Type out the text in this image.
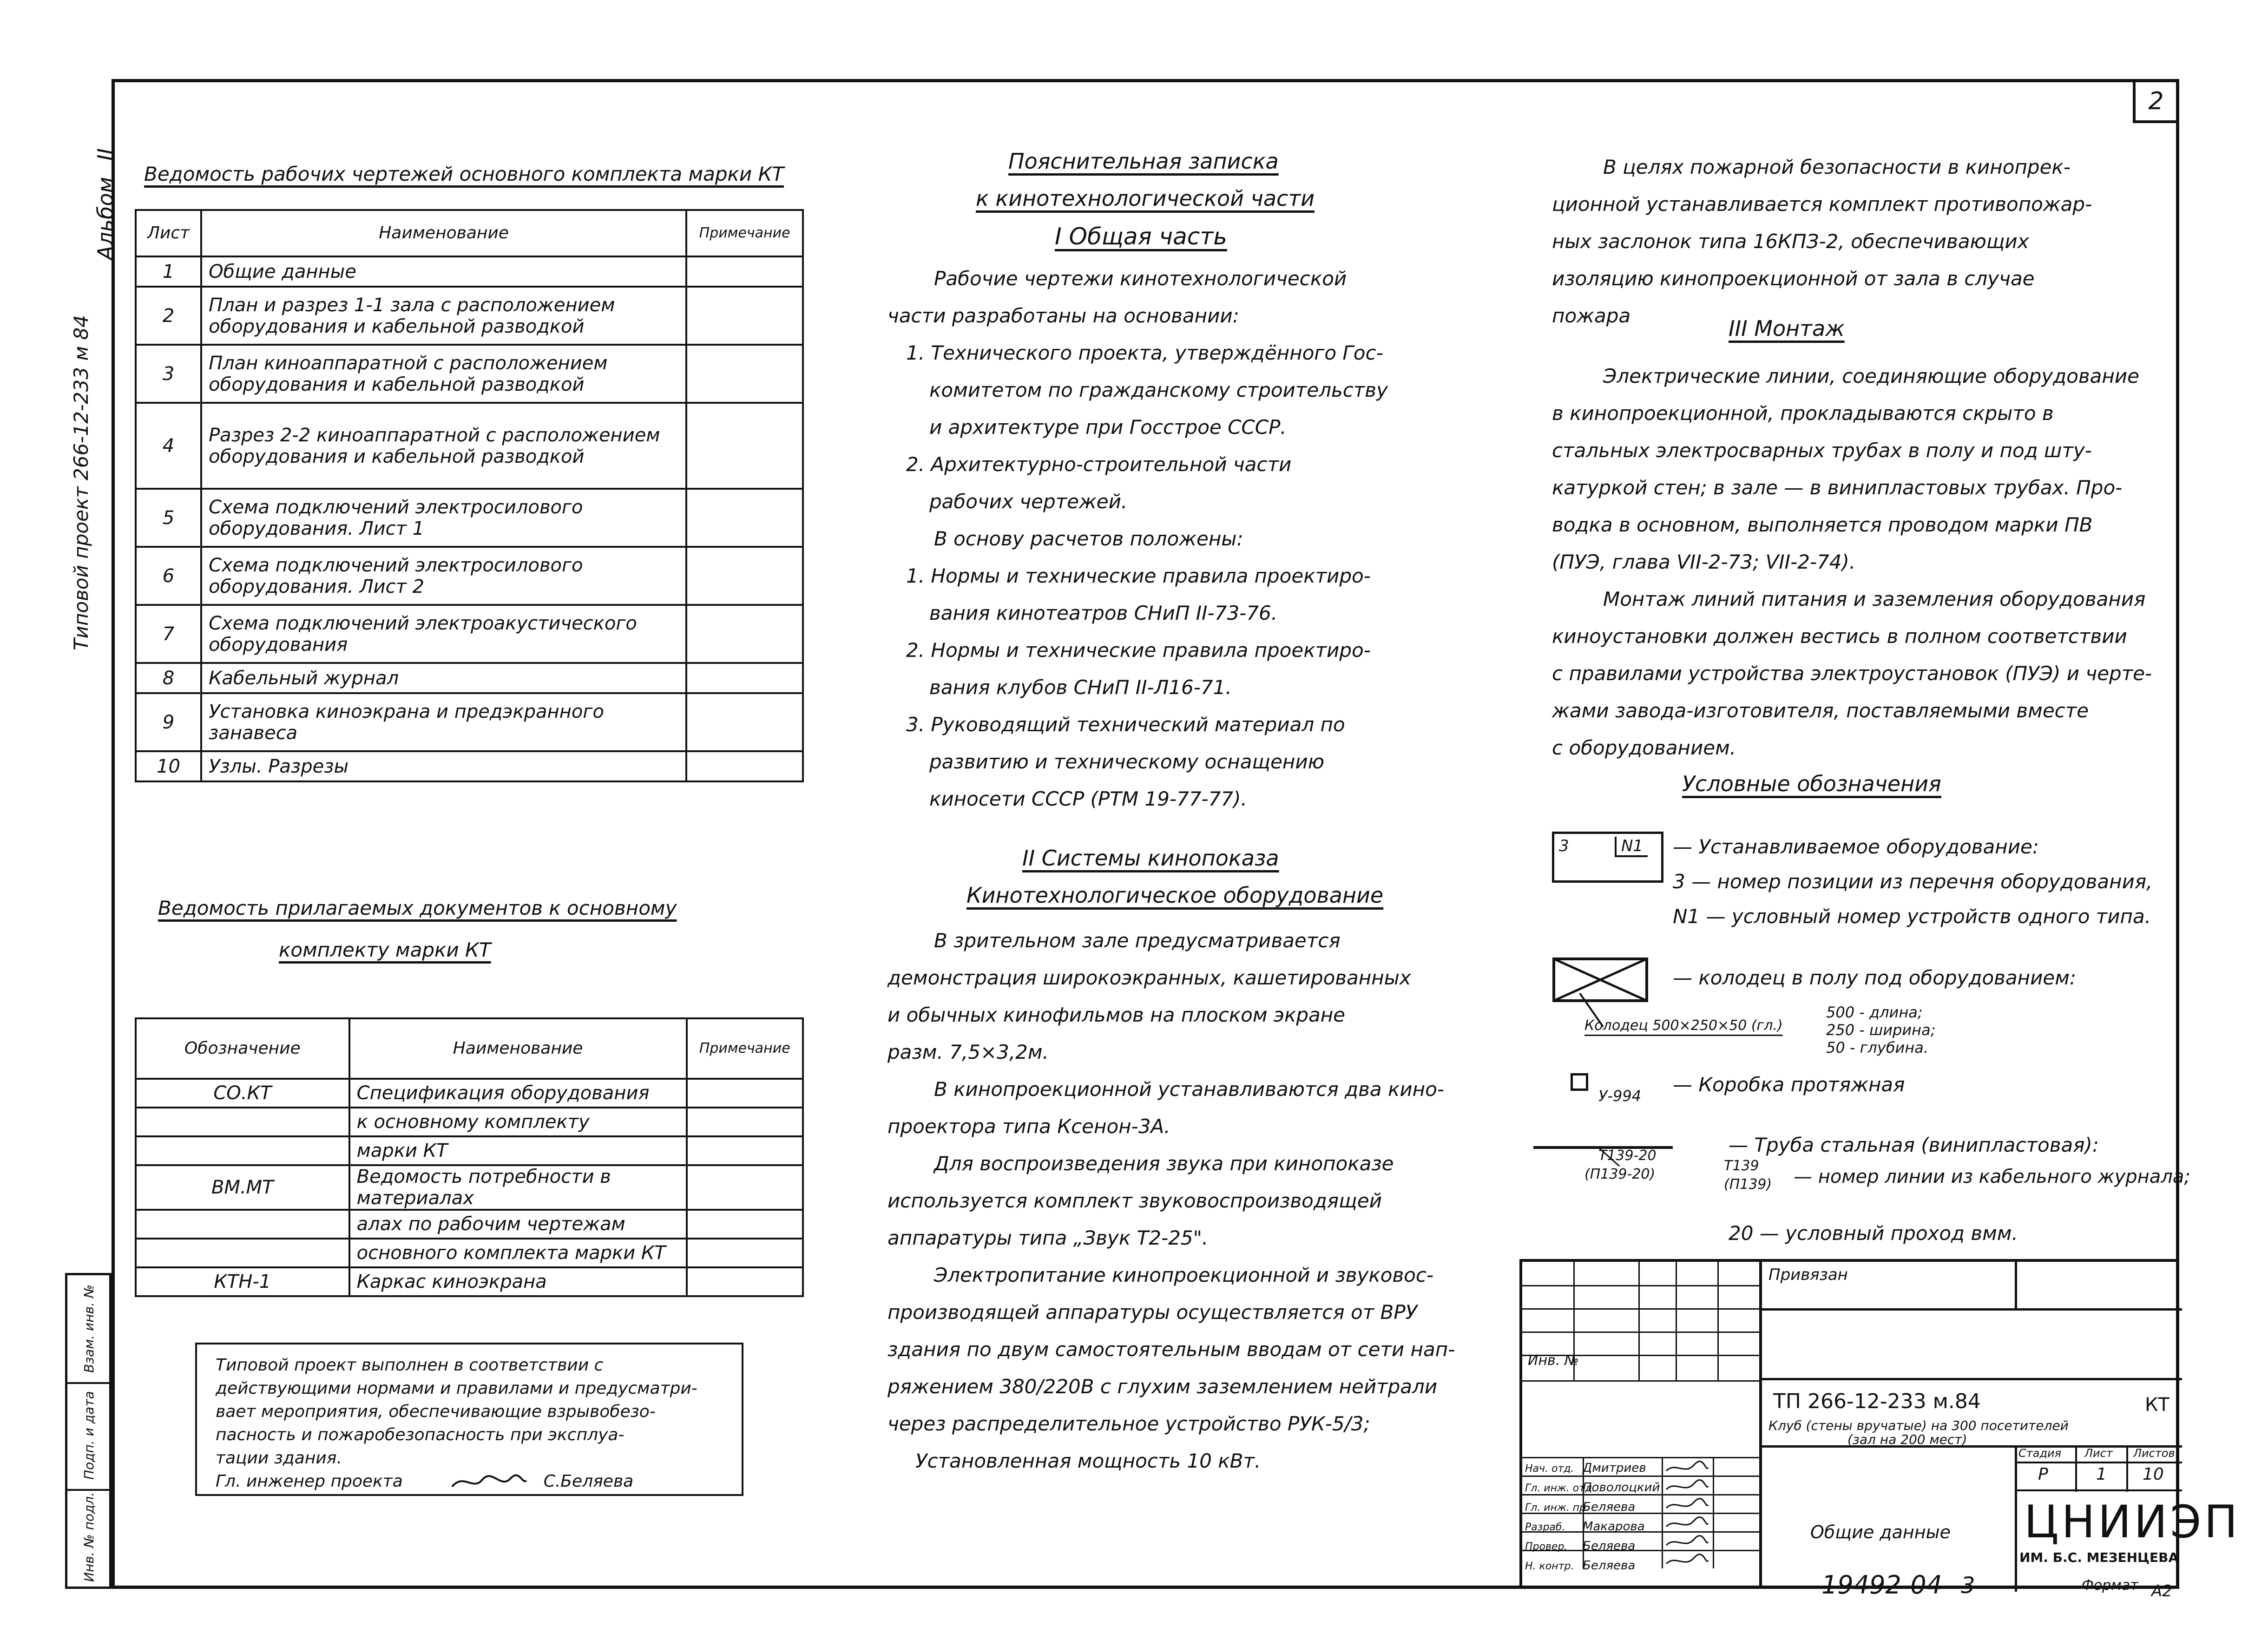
2
Типовой проект 266-12-233 м 84
Альбом II
Взам. инв. №
Подп. и дата
Инв. № подл.
Ведомость рабочих чертежей основного комплекта марки КТ
Лист	Наименование	Примечание
1	Общие данные	
2	План и разрез 1-1 зала с расположением оборудования и кабельной разводкой	
3	План киноаппаратной с расположением оборудования и кабельной разводкой	
4	Разрез 2-2 киноаппаратной с расположением оборудования и кабельной разводкой	
5	Схема подключений электросилового оборудования. Лист 1	
6	Схема подключений электросилового оборудования. Лист 2	
7	Схема подключений электроакустического оборудования	
8	Кабельный журнал	
9	Установка киноэкрана и предэкранного занавеса	
10	Узлы. Разрезы	
Ведомость прилагаемых документов к основному
комплекту марки КТ
Обозначение	Наименование	Примечание
СО.КТ	Спецификация оборудования	
	к основному комплекту	
	марки КТ	
ВМ.МТ	Ведомость потребности в материалах	
	алах по рабочим чертежам	
	основного комплекта марки КТ	
КТН-1	Каркас киноэкрана	
Типовой проект выполнен в соответствии с
действующими нормами и правилами и предусматри-
вает мероприятия, обеспечивающие взрывобезо-
пасность и пожаробезопасность при эксплуа-
тации здания.
Гл. инженер проекта	С.Беляева
Пояснительная записка
к кинотехнологической части
I Общая часть
Рабочие чертежи кинотехнологической
части разработаны на основании:
1. Технического проекта, утверждённого Гос-
комитетом по гражданскому строительству
и архитектуре при Госстрое СССР.
2. Архитектурно-строительной части
рабочих чертежей.
В основу расчетов положены:
1. Нормы и технические правила проектиро-
вания кинотеатров СНиП II-73-76.
2. Нормы и технические правила проектиро-
вания клубов СНиП II-Л16-71.
3. Руководящий технический материал по
развитию и техническому оснащению
киносети СССР (РТМ 19-77-77).
II Системы кинопоказа
Кинотехнологическое оборудование
В зрительном зале предусматривается
демонстрация широкоэкранных, кашетированных
и обычных кинофильмов на плоском экране
разм. 7,5×3,2м.
В кинопроекционной устанавливаются два кино-
проектора типа Ксенон-3А.
Для воспроизведения звука при кинопоказе
используется комплект звуковоспроизводящей
аппаратуры типа „Звук Т2-25".
Электропитание кинопроекционной и звуковос-
производящей аппаратуры осуществляется от ВРУ
здания по двум самостоятельным вводам от сети нап-
ряжением 380/220В с глухим заземлением нейтрали
через распределительное устройство РУК-5/3;
Установленная мощность 10 кВт.
В целях пожарной безопасности в кинопрек-
ционной устанавливается комплект противопожар-
ных заслонок типа 16КПЗ-2, обеспечивающих
изоляцию кинопроекционной от зала в случае
пожара
III Монтаж
Электрические линии, соединяющие оборудование
в кинопроекционной, прокладываются скрыто в
стальных электросварных трубах в полу и под шту-
катуркой стен; в зале — в винипластовых трубах. Про-
водка в основном, выполняется проводом марки ПВ
(ПУЭ, глава VII-2-73; VII-2-74).
Монтаж линий питания и заземления оборудования
киноустановки должен вестись в полном соответствии
с правилами устройства электроустановок (ПУЭ) и черте-
жами завода-изготовителя, поставляемыми вместе
с оборудованием.
Условные обозначения
3	N1 — Устанавливаемое оборудование:
3 — номер позиции из перечня оборудования,
N1 — условный номер устройств одного типа.
— колодец в полу под оборудованием:
Колодец 500×250×50 (гл.)
500 - длина;
250 - ширина;
50 - глубина.
У-994 — Коробка протяжная
Т139-20
(П139-20)
— Труба стальная (винипластовая):
Т139
(П139) — номер линии из кабельного журнала;
20 — условный проход вмм.
Инв. №
Нач. отд. Дмитриев
Гл. инж. отд.Поволоцкий
Гл. инж. пр.Беляева
Разраб. Макарова
Провер. Беляева
Н. контр. Беляева
Привязан
ТП 266-12-233 м.84	КТ
Клуб (стены вручатые) на 300 посетителей
(зал на 200 мест)
Стадия Лист Листов
Р	1 10
Общие данные ЦНИИЭП
ИМ. Б.С. МЕЗЕНЦЕВА
19492-04 3	Формат А2
